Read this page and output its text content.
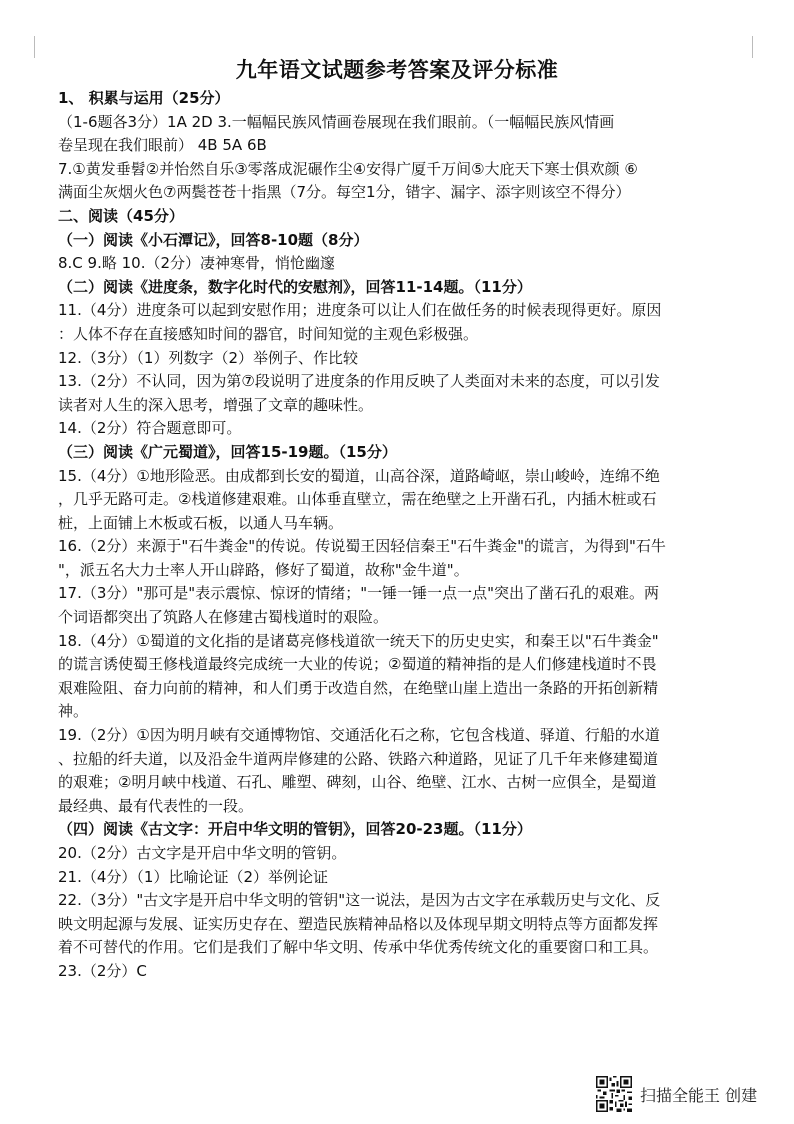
九年语文试题参考答案及评分标准
1、 积累与运用（25分）
（1-6题各3分）1A 2D 3.一幅幅民族风情画卷展现在我们眼前。（一幅幅民族风情画
卷呈现在我们眼前） 4B 5A 6B
7.①黄发垂髫②并怡然自乐③零落成泥碾作尘④安得广厦千万间⑤大庇天下寒士俱欢颜 ⑥
满面尘灰烟火色⑦两鬓苍苍十指黑（7分。每空1分，错字、漏字、添字则该空不得分）
二、阅读（45分）
（一）阅读《小石潭记》，回答8-10题（8分）
8.C 9.略 10.（2分）凄神寒骨，悄怆幽邃
（二）阅读《进度条，数字化时代的安慰剂》，回答11-14题。（11分）
11.（4分）进度条可以起到安慰作用；进度条可以让人们在做任务的时候表现得更好。原因
：人体不存在直接感知时间的器官，时间知觉的主观色彩极强。
12.（3分）（1）列数字（2）举例子、作比较
13.（2分）不认同，因为第⑦段说明了进度条的作用反映了人类面对未来的态度，可以引发
读者对人生的深入思考，增强了文章的趣味性。
14.（2分）符合题意即可。
（三）阅读《广元蜀道》，回答15-19题。（15分）
15.（4分）①地形险恶。由成都到长安的蜀道，山高谷深，道路崎岖，崇山峻岭，连绵不绝
，几乎无路可走。②栈道修建艰难。山体垂直壁立，需在绝壁之上开凿石孔，内插木桩或石
桩，上面铺上木板或石板，以通人马车辆。
16.（2分）来源于"石牛粪金"的传说。传说蜀王因轻信秦王"石牛粪金"的谎言，为得到"石牛
"，派五名大力士率人开山辟路，修好了蜀道，故称"金牛道"。
17.（3分）"那可是"表示震惊、惊讶的情绪；"一锤一锤一点一点"突出了凿石孔的艰难。两
个词语都突出了筑路人在修建古蜀栈道时的艰险。
18.（4分）①蜀道的文化指的是诸葛亮修栈道欲一统天下的历史史实，和秦王以"石牛粪金"
的谎言诱使蜀王修栈道最终完成统一大业的传说；②蜀道的精神指的是人们修建栈道时不畏
艰难险阻、奋力向前的精神，和人们勇于改造自然，在绝壁山崖上造出一条路的开拓创新精
神。
19.（2分）①因为明月峡有交通博物馆、交通活化石之称，它包含栈道、驿道、行船的水道
、拉船的纤夫道，以及沿金牛道两岸修建的公路、铁路六种道路，见证了几千年来修建蜀道
的艰难；②明月峡中栈道、石孔、雕塑、碑刻，山谷、绝壁、江水、古树一应俱全，是蜀道
最经典、最有代表性的一段。
（四）阅读《古文字：开启中华文明的管钥》，回答20-23题。（11分）
20.（2分）古文字是开启中华文明的管钥。
21.（4分）（1）比喻论证（2）举例论证
22.（3分）"古文字是开启中华文明的管钥"这一说法，是因为古文字在承载历史与文化、反
映文明起源与发展、证实历史存在、塑造民族精神品格以及体现早期文明特点等方面都发挥
着不可替代的作用。它们是我们了解中华文明、传承中华优秀传统文化的重要窗口和工具。
23.（2分）C
扫描全能王 创建
